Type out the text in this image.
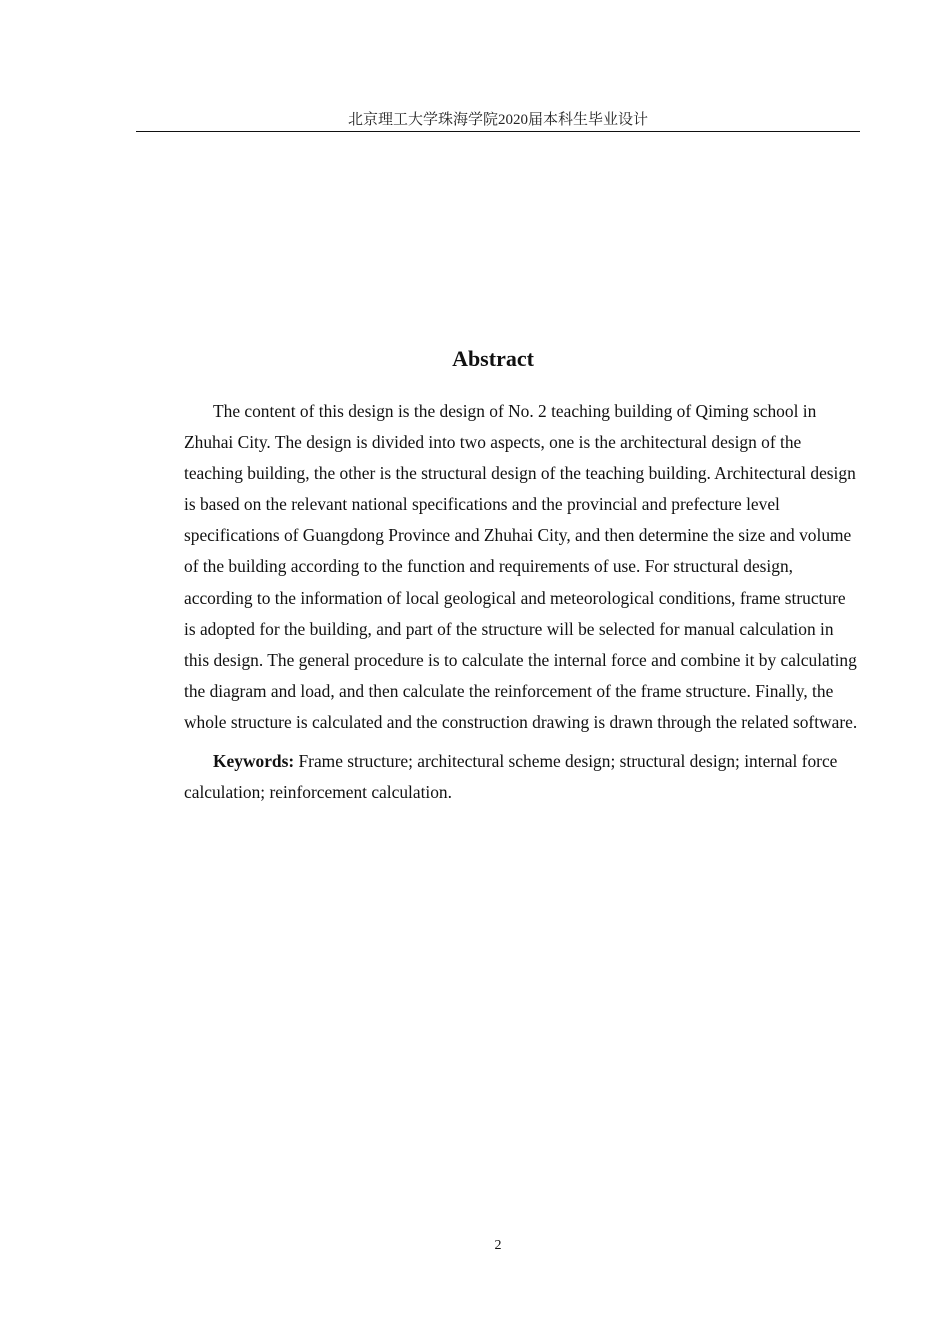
北京理工大学珠海学院2020届本科生毕业设计
Abstract

The content of this design is the design of No. 2 teaching building of Qiming school in Zhuhai City. The design is divided into two aspects, one is the architectural design of the teaching building, the other is the structural design of the teaching building. Architectural design is based on the relevant national specifications and the provincial and prefecture level specifications of Guangdong Province and Zhuhai City, and then determine the size and volume of the building according to the function and requirements of use. For structural design, according to the information of local geological and meteorological conditions, frame structure is adopted for the building, and part of the structure will be selected for manual calculation in this design. The general procedure is to calculate the internal force and combine it by calculating the diagram and load, and then calculate the reinforcement of the frame structure. Finally, the whole structure is calculated and the construction drawing is drawn through the related software.

Keywords: Frame structure; architectural scheme design; structural design; internal force calculation; reinforcement calculation.

2
